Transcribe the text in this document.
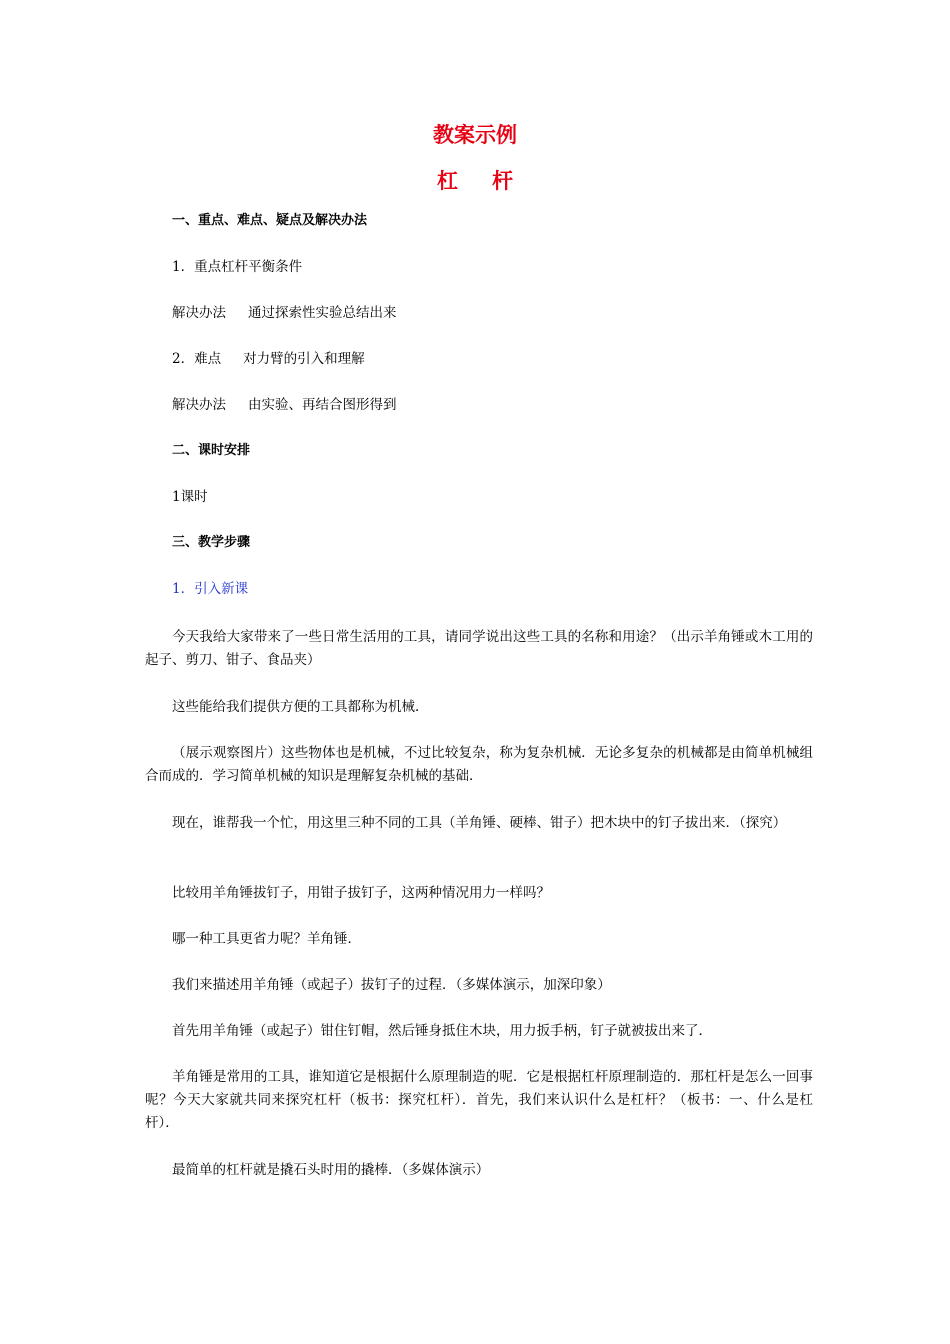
教案示例
杠 杆

一、重点、难点、疑点及解决办法

1．重点杠杆平衡条件

解决办法 通过探索性实验总结出来

2．难点 对力臂的引入和理解

解决办法 由实验、再结合图形得到

二、课时安排

1课时

三、教学步骤

1．引入新课

今天我给大家带来了一些日常生活用的工具，请同学说出这些工具的名称和用途？（出示羊角锤或木工用的起子、剪刀、钳子、食品夹）

这些能给我们提供方便的工具都称为机械．

（展示观察图片）这些物体也是机械，不过比较复杂，称为复杂机械．无论多复杂的机械都是由简单机械组合而成的．学习简单机械的知识是理解复杂机械的基础．

现在，谁帮我一个忙，用这里三种不同的工具（羊角锤、硬棒、钳子）把木块中的钉子拔出来．（探究）

比较用羊角锤拔钉子，用钳子拔钉子，这两种情况用力一样吗？

哪一种工具更省力呢？羊角锤．

我们来描述用羊角锤（或起子）拔钉子的过程．（多媒体演示，加深印象）

首先用羊角锤（或起子）钳住钉帽，然后锤身抵住木块，用力扳手柄，钉子就被拔出来了．

羊角锤是常用的工具，谁知道它是根据什么原理制造的呢．它是根据杠杆原理制造的．那杠杆是怎么一回事呢？今天大家就共同来探究杠杆（板书：探究杠杆）．首先，我们来认识什么是杠杆？（板书：一、什么是杠杆）．

最简单的杠杆就是撬石头时用的撬棒．（多媒体演示）
